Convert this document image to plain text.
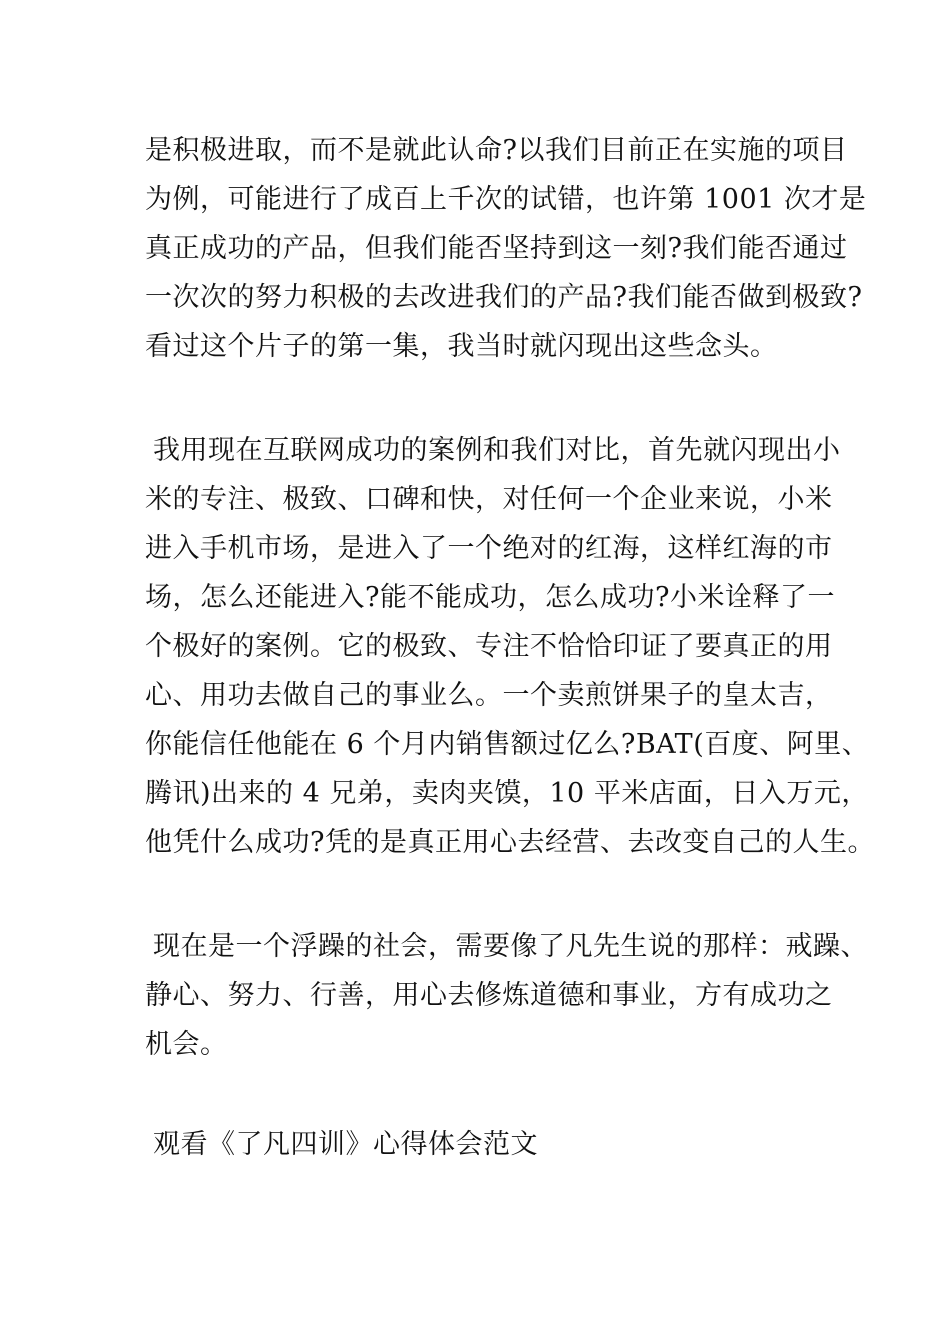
是积极进取，而不是就此认命?以我们目前正在实施的项目
为例，可能进行了成百上千次的试错，也许第 1001 次才是
真正成功的产品，但我们能否坚持到这一刻?我们能否通过
一次次的努力积极的去改进我们的产品?我们能否做到极致?
看过这个片子的第一集，我当时就闪现出这些念头。
我用现在互联网成功的案例和我们对比，首先就闪现出小
米的专注、极致、口碑和快，对任何一个企业来说，小米
进入手机市场，是进入了一个绝对的红海，这样红海的市
场，怎么还能进入?能不能成功，怎么成功?小米诠释了一
个极好的案例。它的极致、专注不恰恰印证了要真正的用
心、用功去做自己的事业么。一个卖煎饼果子的皇太吉，
你能信任他能在 6 个月内销售额过亿么?BAT(百度、阿里、
腾讯)出来的 4 兄弟，卖肉夹馍，10 平米店面，日入万元，
他凭什么成功?凭的是真正用心去经营、去改变自己的人生。
现在是一个浮躁的社会，需要像了凡先生说的那样：戒躁、
静心、努力、行善，用心去修炼道德和事业，方有成功之
机会。
观看《了凡四训》心得体会范文
